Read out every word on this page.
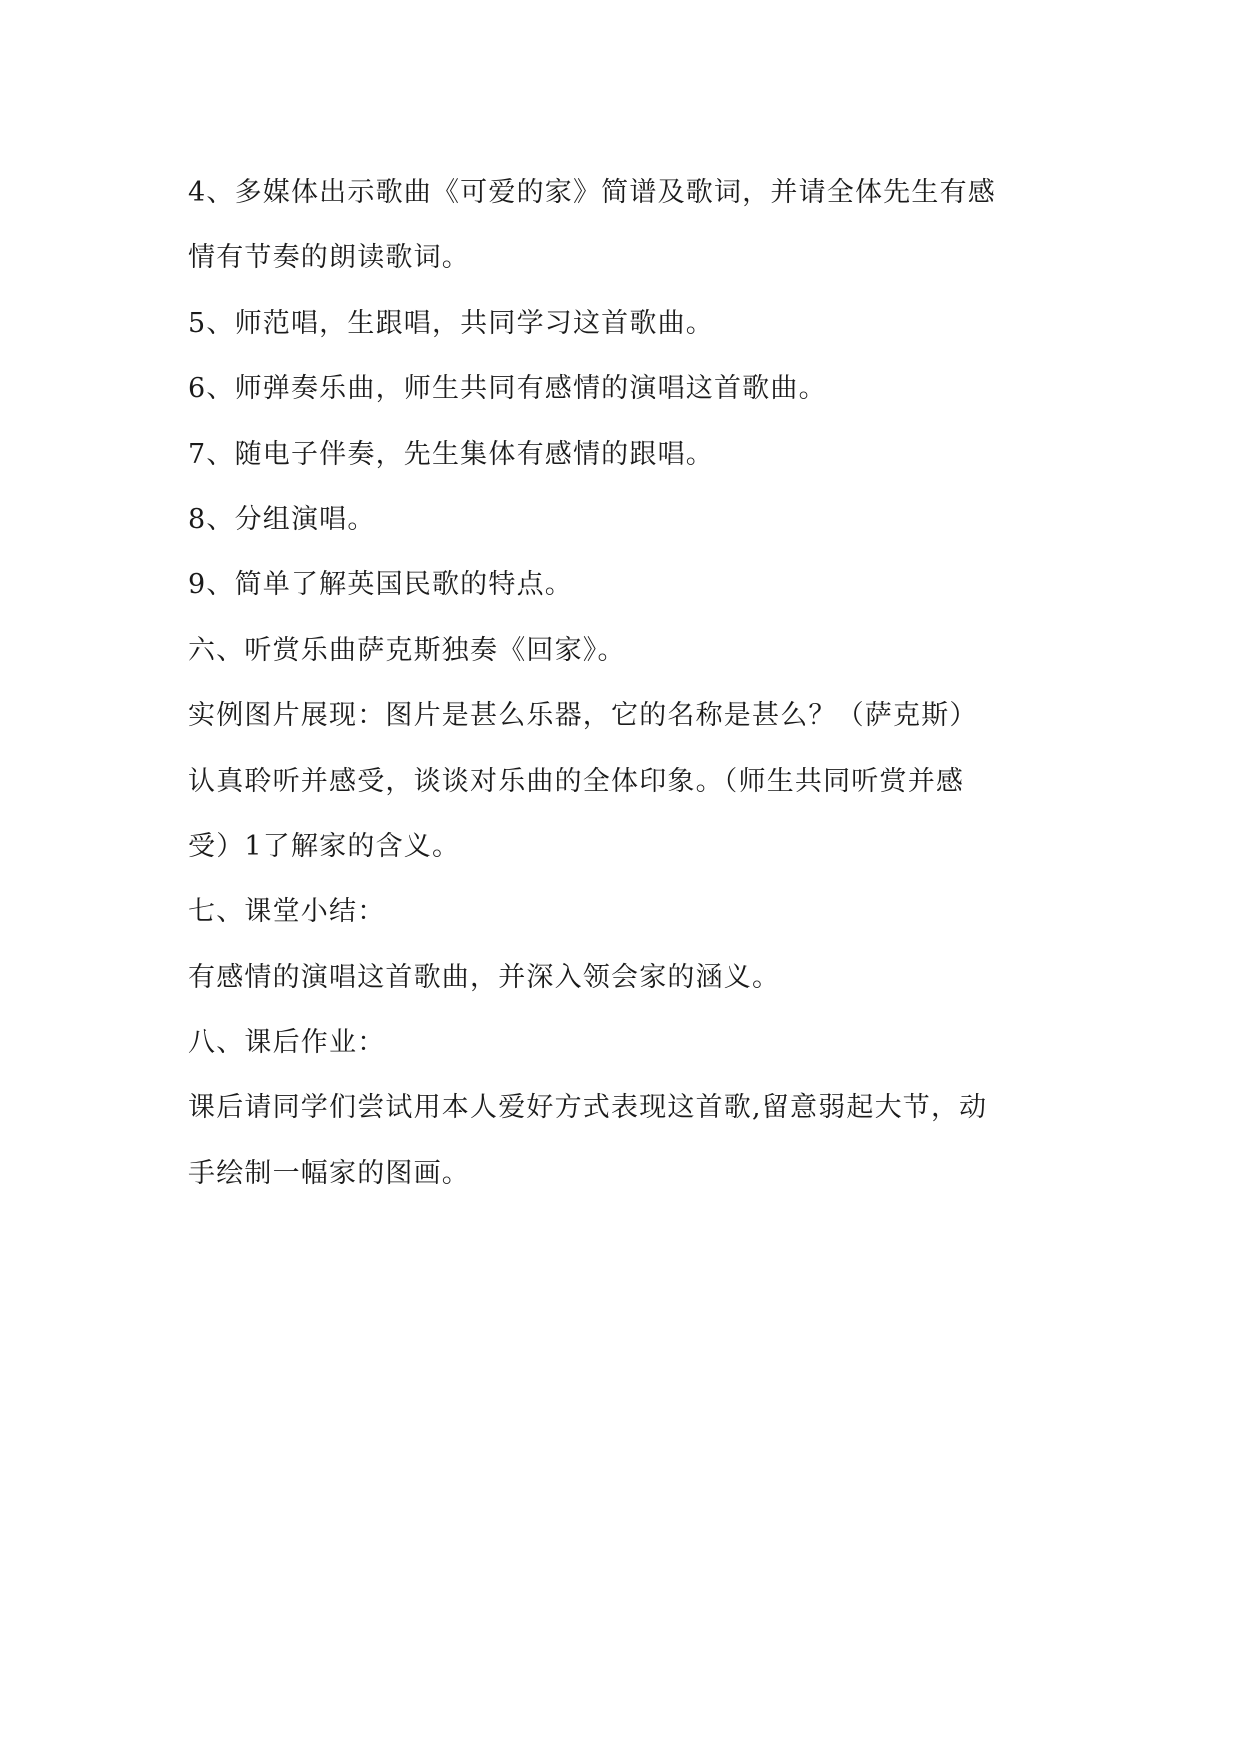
4、多媒体出示歌曲《可爱的家》简谱及歌词，并请全体先生有感

情有节奏的朗读歌词。

5、师范唱，生跟唱，共同学习这首歌曲。

6、师弹奏乐曲，师生共同有感情的演唱这首歌曲。

7、随电子伴奏，先生集体有感情的跟唱。

8、分组演唱。

9、简单了解英国民歌的特点。

六、听赏乐曲萨克斯独奏《回家》。

实例图片展现：图片是甚么乐器，它的名称是甚么？（萨克斯）

认真聆听并感受，谈谈对乐曲的全体印象。（师生共同听赏并感

受）1了解家的含义。

七、课堂小结：

有感情的演唱这首歌曲，并深入领会家的涵义。

八、课后作业：

课后请同学们尝试用本人爱好方式表现这首歌,留意弱起大节，动

手绘制一幅家的图画。
